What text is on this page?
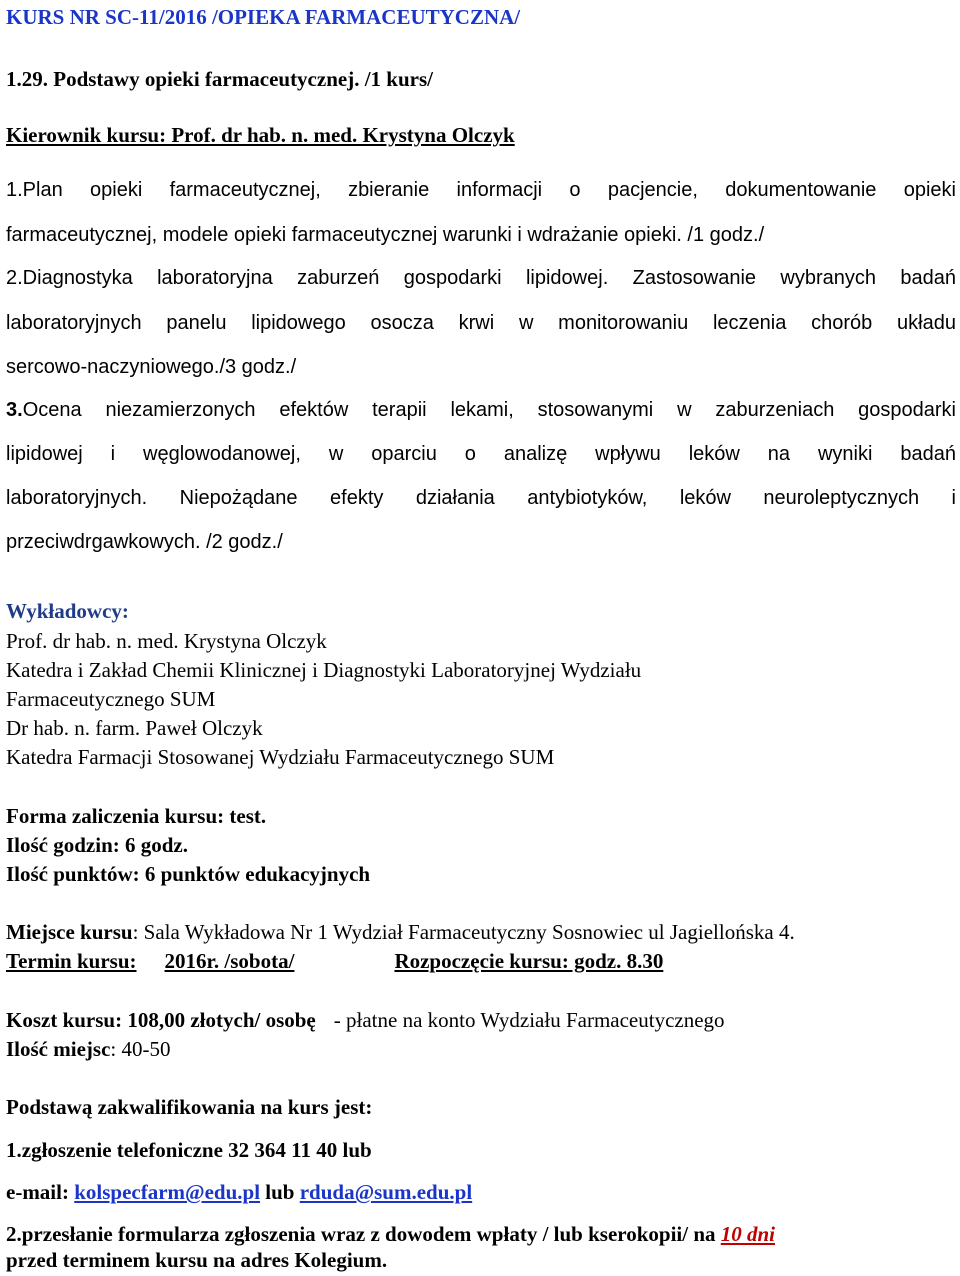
KURS NR SC-11/2016 /OPIEKA FARMACEUTYCZNA/
1.29. Podstawy opieki farmaceutycznej. /1 kurs/
Kierownik kursu: Prof. dr hab. n. med. Krystyna Olczyk
1.Plan opieki farmaceutycznej, zbieranie informacji o pacjencie, dokumentowanie opieki
farmaceutycznej, modele opieki farmaceutycznej warunki i wdrażanie opieki. /1 godz./
2.Diagnostyka laboratoryjna zaburzeń gospodarki lipidowej. Zastosowanie wybranych badań
laboratoryjnych panelu lipidowego osocza krwi w monitorowaniu leczenia chorób układu
sercowo-naczyniowego./3 godz./
3.Ocena niezamierzonych efektów terapii lekami, stosowanymi w zaburzeniach gospodarki
lipidowej i węglowodanowej, w oparciu o analizę wpływu leków na wyniki badań
laboratoryjnych. Niepożądane efekty działania antybiotyków, leków neuroleptycznych i
przeciwdrgawkowych. /2 godz./
Wykładowcy:
Prof. dr hab. n. med. Krystyna Olczyk
Katedra i Zakład Chemii Klinicznej i Diagnostyki Laboratoryjnej Wydziału
Farmaceutycznego SUM
Dr hab. n. farm. Paweł Olczyk
Katedra Farmacji Stosowanej Wydziału Farmaceutycznego SUM
Forma zaliczenia kursu: test.
Ilość godzin: 6 godz.
Ilość punktów: 6 punktów edukacyjnych
Miejsce kursu: Sala Wykładowa Nr 1 Wydział Farmaceutyczny Sosnowiec ul Jagiellońska 4.
Termin kursu: 2016r. /sobota/	Rozpoczęcie kursu: godz. 8.30
Koszt kursu: 108,00 złotych/ osobę - płatne na konto Wydziału Farmaceutycznego
Ilość miejsc: 40-50
Podstawą zakwalifikowania na kurs jest:
1.zgłoszenie telefoniczne 32 364 11 40 lub
e-mail: kolspecfarm@edu.pl lub rduda@sum.edu.pl
2.przesłanie formularza zgłoszenia wraz z dowodem wpłaty / lub kserokopii/ na 10 dni
przed terminem kursu na adres Kolegium.
